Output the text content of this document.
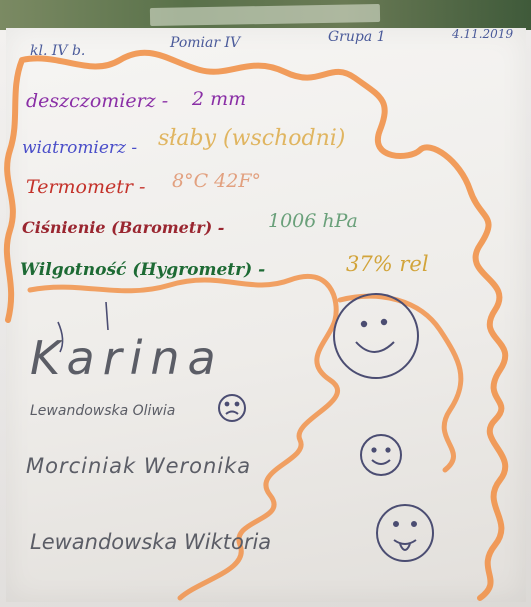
kl. IV b.	Pomiar IV	Grupa 1	4.11.2019
deszczomierz - 2 mm
wiatromierz - słaby (wschodni)
Termometr - 8°C 42F°
Ciśnienie (Barometr) - 1006 hPa
Wilgotność (Hygrometr) -	37% rel
Karina
Lewandowska Oliwia
Morciniak Weronika
Lewandowska Wiktoria
